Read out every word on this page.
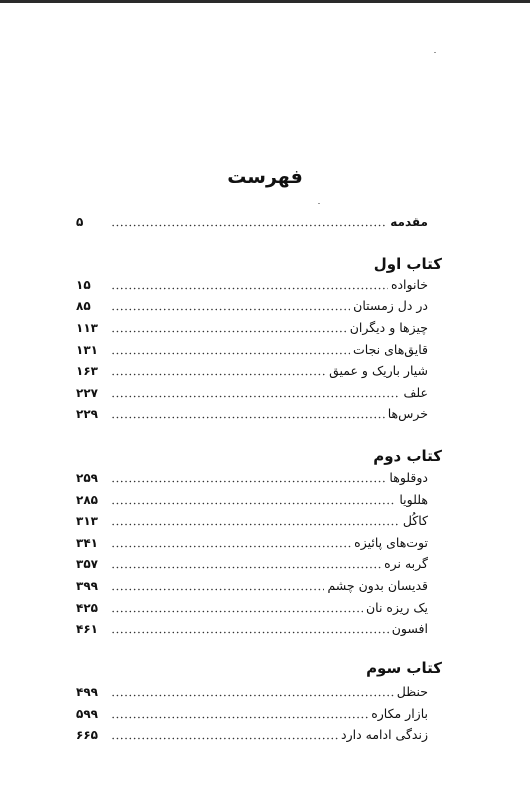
فهرست
۵	مقدمه
کتاب اول
۱۵	خانواده
۸۵	در دل زمستان
۱۱۳	چیزها و دیگران
۱۳۱	قایق‌های نجات
۱۶۳	شیار باریک و عمیق
۲۲۷	علف
۲۲۹	خرس‌ها
کتاب دوم
۲۵۹	دوقلوها
۲۸۵	هللویا
۳۱۳	کاکُل
۳۴۱	توت‌های پائیزه
۳۵۷	گربه نره
۳۹۹	قدیسان بدون چشم
۴۲۵	یک ریزه نان
۴۶۱	افسون
کتاب سوم
۴۹۹	حنظل
۵۹۹	بازار مکاره
۶۶۵	زندگی ادامه دارد
